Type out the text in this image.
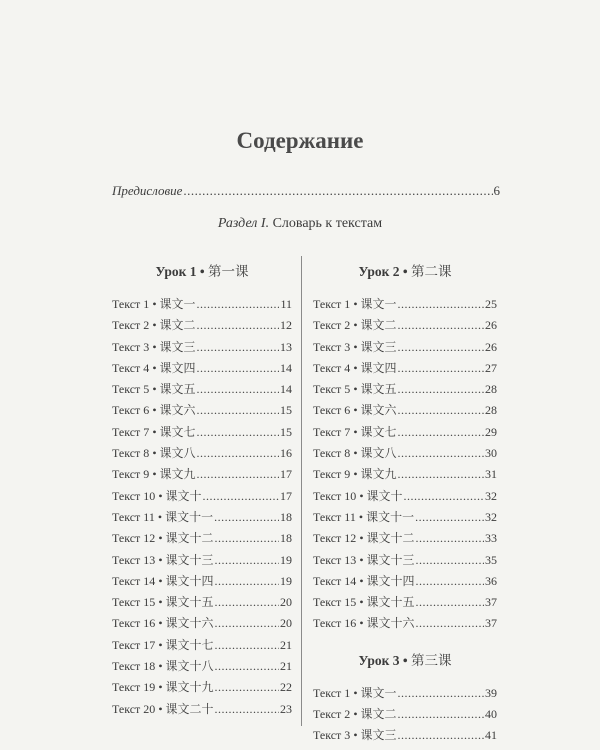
Содержание
Предисловие .....	6
Раздел I. Словарь к текстам
Урок 1 • 第一课
Текст 1 • 课文一 .....	11
Текст 2 • 课文二 .....	12
Текст 3 • 课文三 .....	13
Текст 4 • 课文四 .....	14
Текст 5 • 课文五 .....	14
Текст 6 • 课文六 .....	15
Текст 7 • 课文七 .....	15
Текст 8 • 课文八 .....	16
Текст 9 • 课文九 .....	17
Текст 10 • 课文十 .....	17
Текст 11 • 课文十一 .....	18
Текст 12 • 课文十二 .....	18
Текст 13 • 课文十三 .....	19
Текст 14 • 课文十四 .....	19
Текст 15 • 课文十五 .....	20
Текст 16 • 课文十六 .....	20
Текст 17 • 课文十七 .....	21
Текст 18 • 课文十八 .....	21
Текст 19 • 课文十九 .....	22
Текст 20 • 课文二十 .....	23
Урок 2 • 第二课
Текст 1 • 课文一 .....	25
Текст 2 • 课文二 .....	26
Текст 3 • 课文三 .....	26
Текст 4 • 课文四 .....	27
Текст 5 • 课文五 .....	28
Текст 6 • 课文六 .....	28
Текст 7 • 课文七 .....	29
Текст 8 • 课文八 .....	30
Текст 9 • 课文九 .....	31
Текст 10 • 课文十 .....	32
Текст 11 • 课文十一 .....	32
Текст 12 • 课文十二 .....	33
Текст 13 • 课文十三 .....	35
Текст 14 • 课文十四 .....	36
Текст 15 • 课文十五 .....	37
Текст 16 • 课文十六 .....	37
Урок 3 • 第三课
Текст 1 • 课文一 .....	39
Текст 2 • 课文二 .....	40
Текст 3 • 课文三 .....	41
